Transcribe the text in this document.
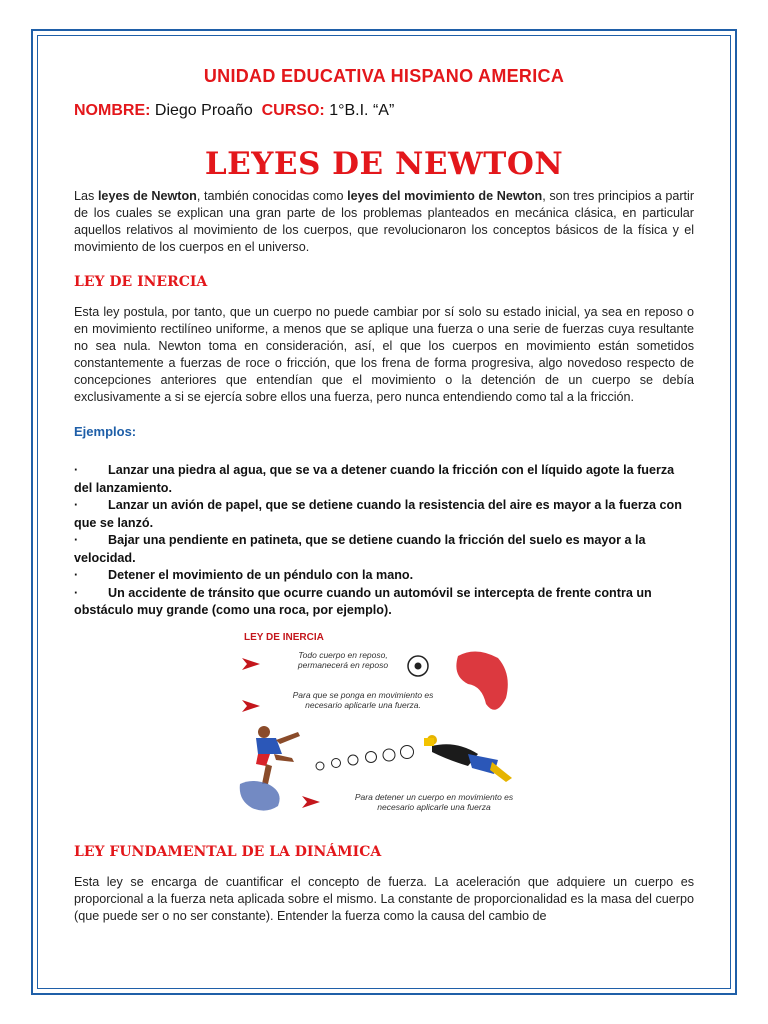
UNIDAD EDUCATIVA HISPANO AMERICA
NOMBRE: Diego Proaño CURSO: 1°B.I. “A”
LEYES DE NEWTON

Las leyes de Newton, también conocidas como leyes del movimiento de Newton, son tres principios a partir de los cuales se explican una gran parte de los problemas planteados en mecánica clásica, en particular aquellos relativos al movimiento de los cuerpos, que revolucionaron los conceptos básicos de la física y el movimiento de los cuerpos en el universo.

LEY DE INERCIA

Esta ley postula, por tanto, que un cuerpo no puede cambiar por sí solo su estado inicial, ya sea en reposo o en movimiento rectilíneo uniforme, a menos que se aplique una fuerza o una serie de fuerzas cuya resultante no sea nula. Newton toma en consideración, así, el que los cuerpos en movimiento están sometidos constantemente a fuerzas de roce o fricción, que los frena de forma progresiva, algo novedoso respecto de concepciones anteriores que entendían que el movimiento o la detención de un cuerpo se debía exclusivamente a si se ejercía sobre ellos una fuerza, pero nunca entendiendo como tal a la fricción.

Ejemplos:
· Lanzar una piedra al agua, que se va a detener cuando la fricción con el líquido agote la fuerza del lanzamiento.
· Lanzar un avión de papel, que se detiene cuando la resistencia del aire es mayor a la fuerza con que se lanzó.
· Bajar una pendiente en patineta, que se detiene cuando la fricción del suelo es mayor a la velocidad.
· Detener el movimiento de un péndulo con la mano.
· Un accidente de tránsito que ocurre cuando un automóvil se intercepta de frente contra un obstáculo muy grande (como una roca, por ejemplo).
LEY DE INERCIA
Todo cuerpo en reposo, permanecerá en reposo
Para que se ponga en movimiento es necesario aplicarle una fuerza.
Para detener un cuerpo en movimiento es necesario aplicarle una fuerza
LEY FUNDAMENTAL DE LA DINÁMICA

Esta ley se encarga de cuantificar el concepto de fuerza. La aceleración que adquiere un cuerpo es proporcional a la fuerza neta aplicada sobre el mismo. La constante de proporcionalidad es la masa del cuerpo (que puede ser o no ser constante). Entender la fuerza como la causa del cambio de
